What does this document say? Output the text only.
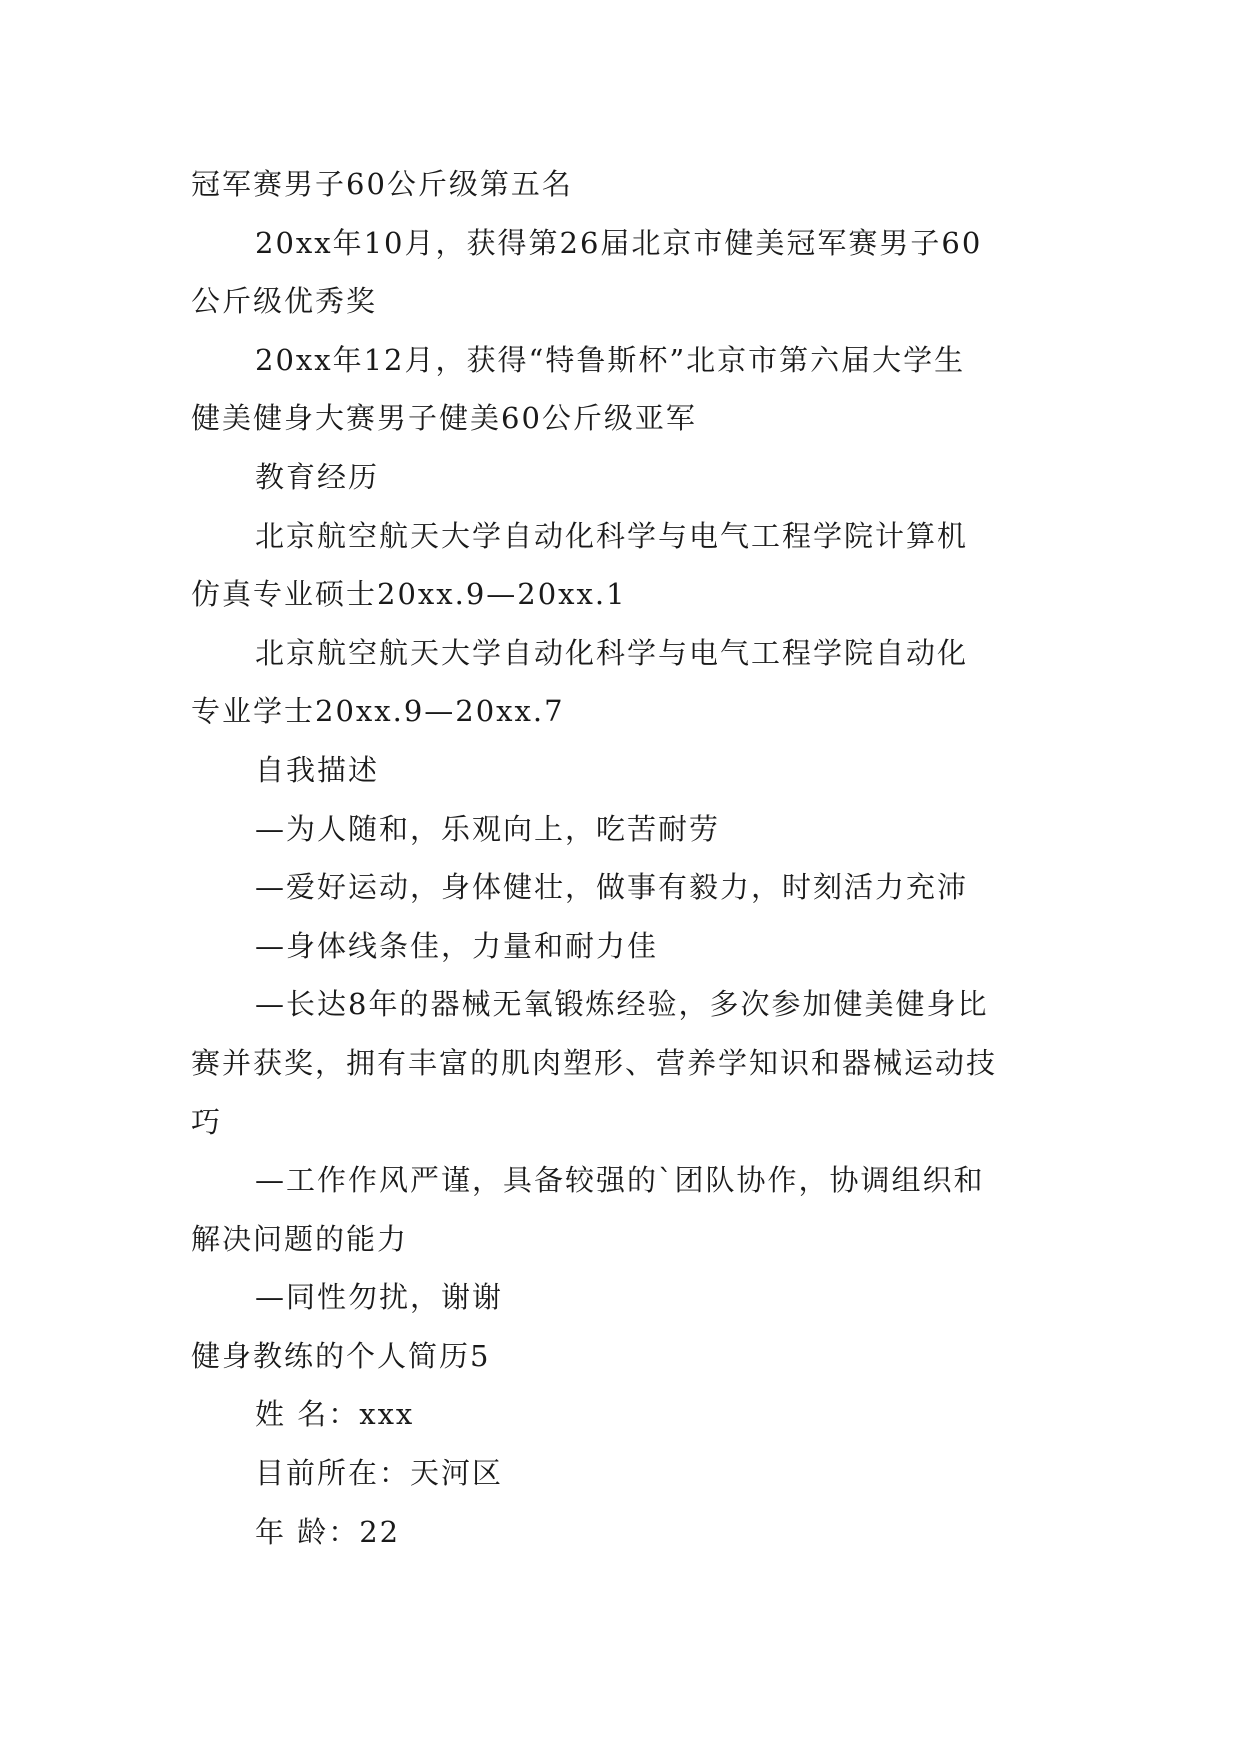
冠军赛男子60公斤级第五名
20xx年10月，获得第26届北京市健美冠军赛男子60
公斤级优秀奖
20xx年12月，获得“特鲁斯杯”北京市第六届大学生
健美健身大赛男子健美60公斤级亚军
教育经历
北京航空航天大学自动化科学与电气工程学院计算机
仿真专业硕士20xx.9—20xx.1
北京航空航天大学自动化科学与电气工程学院自动化
专业学士20xx.9—20xx.7
自我描述
—为人随和，乐观向上，吃苦耐劳
—爱好运动，身体健壮，做事有毅力，时刻活力充沛
—身体线条佳，力量和耐力佳
—长达8年的器械无氧锻炼经验，多次参加健美健身比
赛并获奖，拥有丰富的肌肉塑形、营养学知识和器械运动技
巧
—工作作风严谨，具备较强的`团队协作，协调组织和
解决问题的能力
—同性勿扰，谢谢
健身教练的个人简历5
姓 名：xxx
目前所在：天河区
年 龄：22
